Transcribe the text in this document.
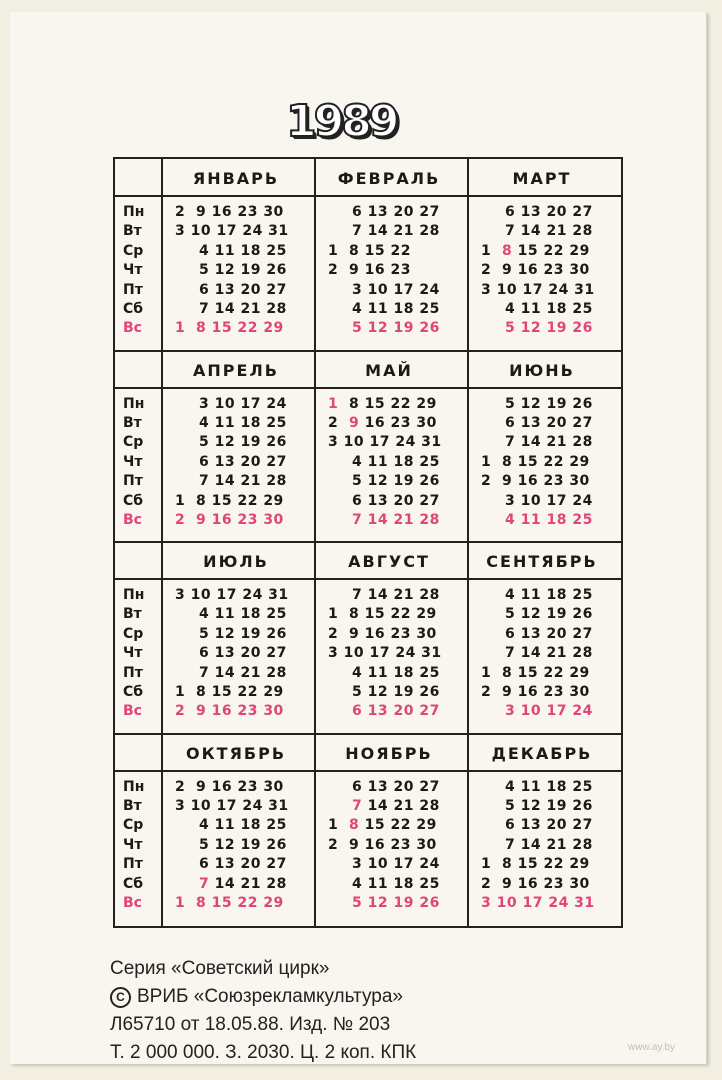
1989
Пн
Вт
Ср
Чт
Пт
Сб
Вс
ЯНВАРЬ
2  9 16 23 30
3 10 17 24 31
4 11 18 25
5 12 19 26
6 13 20 27
7 14 21 28
1  8 15 22 29
ФЕВРАЛЬ
6 13 20 27
7 14 21 28
1  8 15 22
2  9 16 23
3 10 17 24
4 11 18 25
5 12 19 26
МАРТ
6 13 20 27
7 14 21 28
1  8 15 22 29
2  9 16 23 30
3 10 17 24 31
4 11 18 25
5 12 19 26
Пн
Вт
Ср
Чт
Пт
Сб
Вс
АПРЕЛЬ
3 10 17 24
4 11 18 25
5 12 19 26
6 13 20 27
7 14 21 28
1  8 15 22 29
2  9 16 23 30
МАЙ
1  8 15 22 29
2  9 16 23 30
3 10 17 24 31
4 11 18 25
5 12 19 26
6 13 20 27
7 14 21 28
ИЮНЬ
5 12 19 26
6 13 20 27
7 14 21 28
1  8 15 22 29
2  9 16 23 30
3 10 17 24
4 11 18 25
Пн
Вт
Ср
Чт
Пт
Сб
Вс
ИЮЛЬ
3 10 17 24 31
4 11 18 25
5 12 19 26
6 13 20 27
7 14 21 28
1  8 15 22 29
2  9 16 23 30
АВГУСТ
7 14 21 28
1  8 15 22 29
2  9 16 23 30
3 10 17 24 31
4 11 18 25
5 12 19 26
6 13 20 27
СЕНТЯБРЬ
4 11 18 25
5 12 19 26
6 13 20 27
7 14 21 28
1  8 15 22 29
2  9 16 23 30
3 10 17 24
Пн
Вт
Ср
Чт
Пт
Сб
Вс
ОКТЯБРЬ
2  9 16 23 30
3 10 17 24 31
4 11 18 25
5 12 19 26
6 13 20 27
7 14 21 28
1  8 15 22 29
НОЯБРЬ
6 13 20 27
7 14 21 28
1  8 15 22 29
2  9 16 23 30
3 10 17 24
4 11 18 25
5 12 19 26
ДЕКАБРЬ
4 11 18 25
5 12 19 26
6 13 20 27
7 14 21 28
1  8 15 22 29
2  9 16 23 30
3 10 17 24 31
Серия «Советский цирк»
C ВРИБ «Союзрекламкультура»
Л65710 от 18.05.88. Изд. № 203
Т. 2 000 000. З. 2030. Ц. 2 коп. КПК	www.ay.by
